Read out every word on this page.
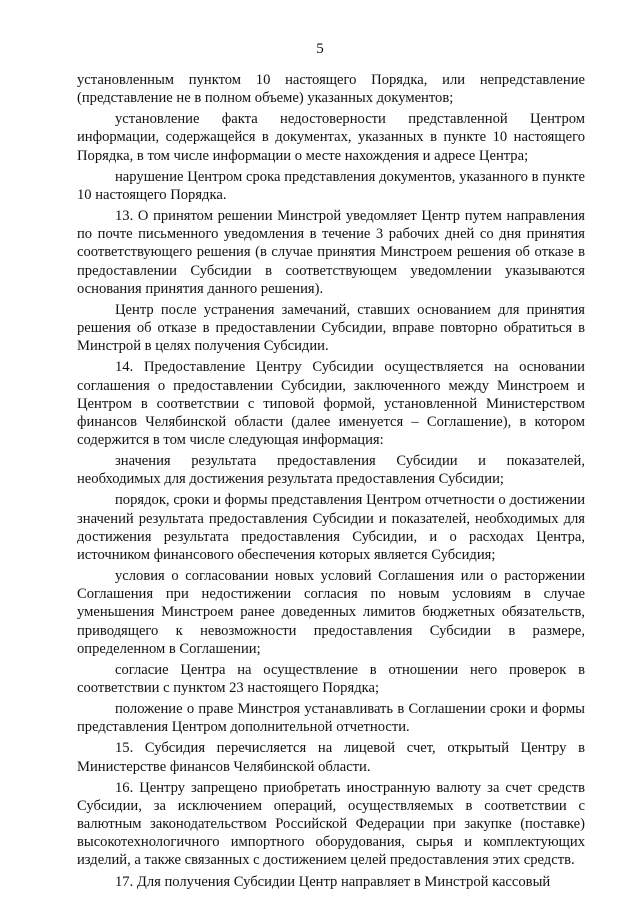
5

установленным пунктом 10 настоящего Порядка, или непредставление (представление не в полном объеме) указанных документов;

установление факта недостоверности представленной Центром информации, содержащейся в документах, указанных в пункте 10 настоящего Порядка, в том числе информации о месте нахождения и адресе Центра;

нарушение Центром срока представления документов, указанного в пункте 10 настоящего Порядка.

13. О принятом решении Минстрой уведомляет Центр путем направления по почте письменного уведомления в течение 3 рабочих дней со дня принятия соответствующего решения (в случае принятия Минстроем решения об отказе в предоставлении Субсидии в соответствующем уведомлении указываются основания принятия данного решения).

Центр после устранения замечаний, ставших основанием для принятия решения об отказе в предоставлении Субсидии, вправе повторно обратиться в Минстрой в целях получения Субсидии.

14. Предоставление Центру Субсидии осуществляется на основании соглашения о предоставлении Субсидии, заключенного между Минстроем и Центром в соответствии с типовой формой, установленной Министерством финансов Челябинской области (далее именуется – Соглашение), в котором содержится в том числе следующая информация:

значения результата предоставления Субсидии и показателей, необходимых для достижения результата предоставления Субсидии;

порядок, сроки и формы представления Центром отчетности о достижении значений результата предоставления Субсидии и показателей, необходимых для достижения результата предоставления Субсидии, и о расходах Центра, источником финансового обеспечения которых является Субсидия;

условия о согласовании новых условий Соглашения или о расторжении Соглашения при недостижении согласия по новым условиям в случае уменьшения Минстроем ранее доведенных лимитов бюджетных обязательств, приводящего к невозможности предоставления Субсидии в размере, определенном в Соглашении;

согласие Центра на осуществление в отношении него проверок в соответствии с пунктом 23 настоящего Порядка;

положение о праве Минстроя устанавливать в Соглашении сроки и формы представления Центром дополнительной отчетности.

15. Субсидия перечисляется на лицевой счет, открытый Центру в Министерстве финансов Челябинской области.

16. Центру запрещено приобретать иностранную валюту за счет средств Субсидии, за исключением операций, осуществляемых в соответствии с валютным законодательством Российской Федерации при закупке (поставке) высокотехнологичного импортного оборудования, сырья и комплектующих изделий, а также связанных с достижением целей предоставления этих средств.

17. Для получения Субсидии Центр направляет в Минстрой кассовый
